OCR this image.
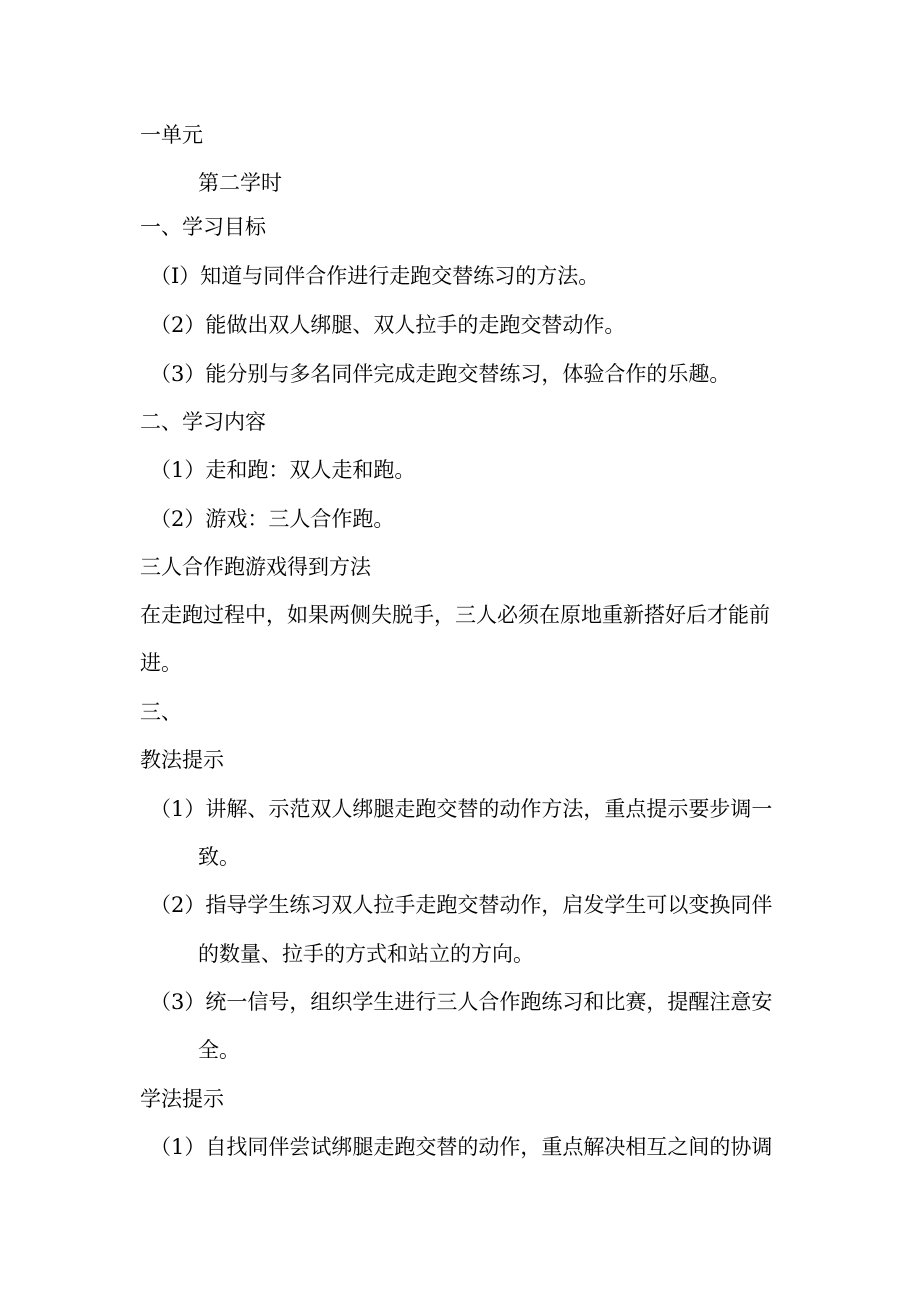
一单元
第二学时
一、学习目标
（I）知道与同伴合作进行走跑交替练习的方法。
（2）能做出双人绑腿、双人拉手的走跑交替动作。
（3）能分别与多名同伴完成走跑交替练习，体验合作的乐趣。
二、学习内容
（1）走和跑：双人走和跑。
（2）游戏：三人合作跑。
三人合作跑游戏得到方法
在走跑过程中，如果两侧失脱手，三人必须在原地重新搭好后才能前
进。
三、
教法提示
（1）讲解、示范双人绑腿走跑交替的动作方法，重点提示要步调一
致。
（2）指导学生练习双人拉手走跑交替动作，启发学生可以变换同伴
的数量、拉手的方式和站立的方向。
（3）统一信号，组织学生进行三人合作跑练习和比赛，提醒注意安
全。
学法提示
（1）自找同伴尝试绑腿走跑交替的动作，重点解决相互之间的协调
